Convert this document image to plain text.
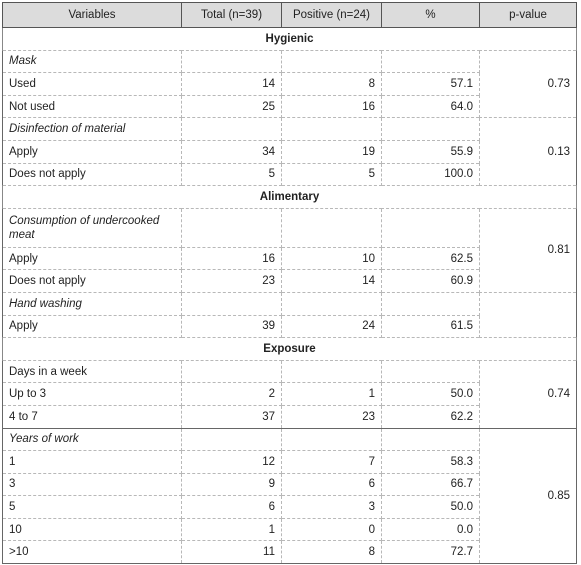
Variables	Total (n=39)	Positive (n=24)	%	p-value
Hygienic				
Mask				0.73
Used	14	8	57.1	
Not used	25	16	64.0	
Disinfection of material				0.13
Apply	34	19	55.9	
Does not apply	5	5	100.0	
Alimentary				
Consumption of undercooked meat				0.81
Apply	16	10	62.5	
Does not apply	23	14	60.9	
Hand washing				
Apply	39	24	61.5	
Exposure				
Days in a week				0.74
Up to 3	2	1	50.0	
4 to 7	37	23	62.2	
Years of work				0.85
1	12	7	58.3	
3	9	6	66.7	
5	6	3	50.0	
10	1	0	0.0	
>10	11	8	72.7	
